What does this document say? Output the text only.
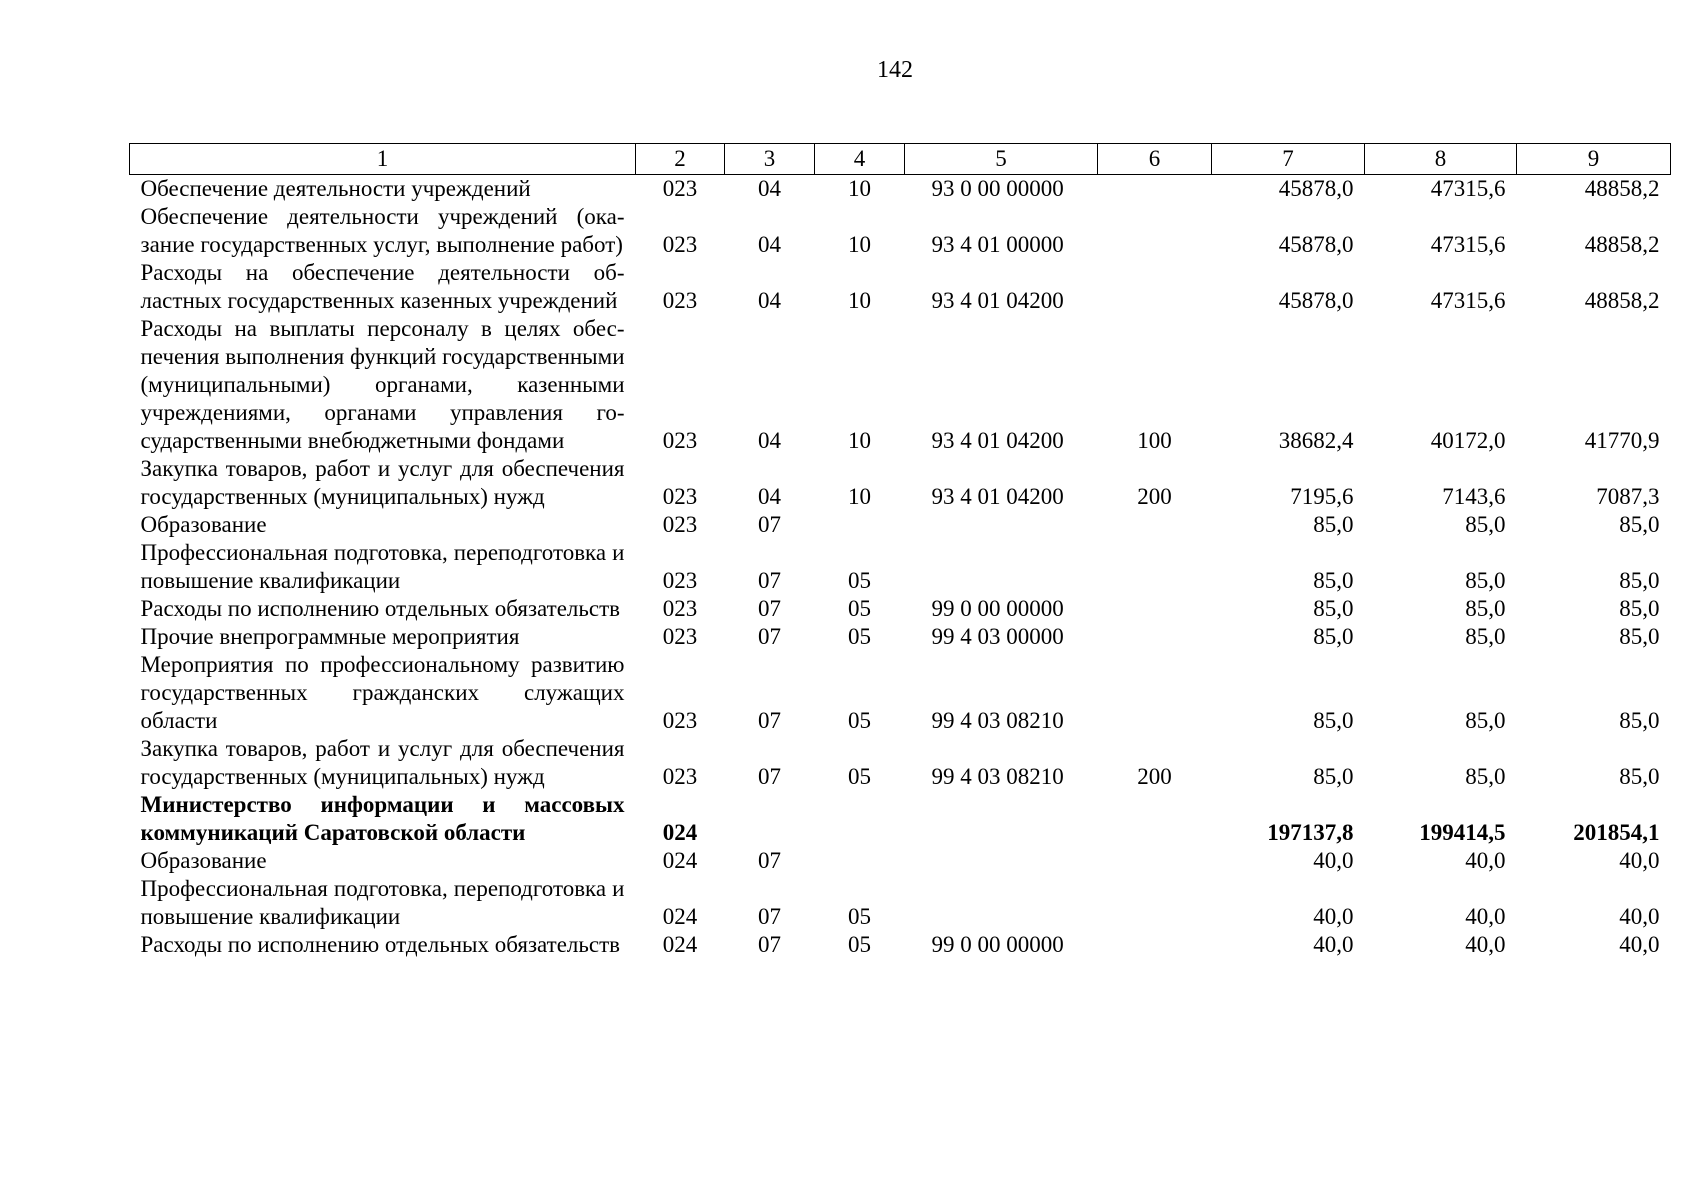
142
1	2	3	4	5	6	7	8	9
Обеспечение деятельности учреждений	023	04	10	93 0 00 00000		45878,0	47315,6	48858,2
Обеспечение деятельности учреждений (оказание государственных услуг, выполнение работ)	023	04	10	93 4 01 00000		45878,0	47315,6	48858,2
Расходы на обеспечение деятельности областных государственных казенных учреждений	023	04	10	93 4 01 04200		45878,0	47315,6	48858,2
Расходы на выплаты персоналу в целях обеспечения выполнения функций государственными (муниципальными) органами, казенными учреждениями, органами управления государственными внебюджетными фондами	023	04	10	93 4 01 04200	100	38682,4	40172,0	41770,9
Закупка товаров, работ и услуг для обеспечения государственных (муниципальных) нужд	023	04	10	93 4 01 04200	200	7195,6	7143,6	7087,3
Образование	023	07				85,0	85,0	85,0
Профессиональная подготовка, переподготовка и повышение квалификации	023	07	05			85,0	85,0	85,0
Расходы по исполнению отдельных обязательств	023	07	05	99 0 00 00000		85,0	85,0	85,0
Прочие внепрограммные мероприятия	023	07	05	99 4 03 00000		85,0	85,0	85,0
Мероприятия по профессиональному развитию государственных гражданских служащих области	023	07	05	99 4 03 08210		85,0	85,0	85,0
Закупка товаров, работ и услуг для обеспечения государственных (муниципальных) нужд	023	07	05	99 4 03 08210	200	85,0	85,0	85,0
Министерство информации и массовых коммуникаций Саратовской области	024					197137,8	199414,5	201854,1
Образование	024	07				40,0	40,0	40,0
Профессиональная подготовка, переподготовка и повышение квалификации	024	07	05			40,0	40,0	40,0
Расходы по исполнению отдельных обязательств	024	07	05	99 0 00 00000		40,0	40,0	40,0
